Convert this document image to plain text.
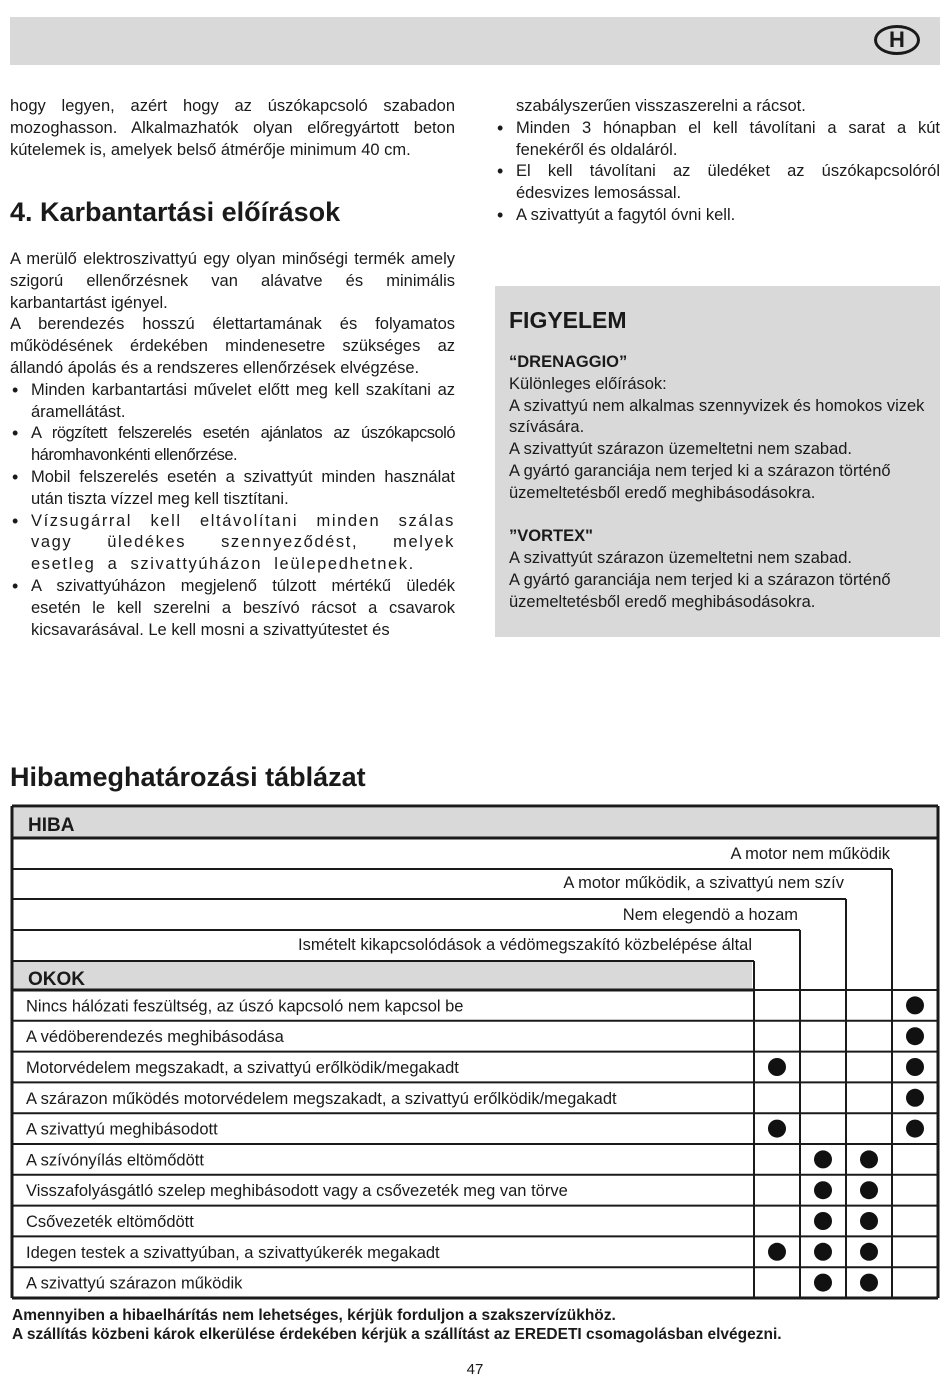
H

hogy legyen, azért hogy az úszókapcsoló szabadon mozoghasson. Alkalmazhatók olyan előregyártott beton kútelemek is, amelyek belső átmérője minimum 40 cm.

4. Karbantartási előírások

A merülő elektroszivattyú egy olyan minőségi termék amely szigorú ellenőrzésnek van alávatve és minimális karbantartást igényel.

A berendezés hosszú élettartamának és folyamatos működésének érdekében mindenesetre szükséges az állandó ápolás és a rendszeres ellenőrzések elvégzése.

• Minden karbantartási művelet előtt meg kell szakítani az áramellátást.
• A rögzített felszerelés esetén ajánlatos az úszókapcsoló háromhavonkénti ellenőrzése.
• Mobil felszerelés esetén a szivattyút minden használat után tiszta vízzel meg kell tisztítani.
• Vízsugárral kell eltávolítani minden szálas vagy üledékes szennyeződést, melyek esetleg a szivattyúházon leülepedhetnek.
• A szivattyúházon megjelenő túlzott mértékű üledék esetén le kell szerelni a beszívó rácsot a csavarok kicsavarásával. Le kell mosni a szivattyútestet és

szabályszerűen visszaszerelni a rácsot.

• Minden 3 hónapban el kell távolítani a sarat a kút fenekéről és oldaláról.
• El kell távolítani az üledéket az úszókapcsolóról édesvizes lemosással.
• A szivattyút a fagytól óvni kell.
FIGYELEM

“DRENAGGIO”

Különleges előírások:

A szivattyú nem alkalmas szennyvizek és homokos vizek szívására.

A szivattyút szárazon üzemeltetni nem szabad.

A gyártó garanciája nem terjed ki a szárazon történő üzemeltetésből eredő meghibásodásokra.

”VORTEX"

A szivattyút szárazon üzemeltetni nem szabad.

A gyártó garanciája nem terjed ki a szárazon történő üzemeltetésből eredő meghibásodásokra.

Hibameghatározási táblázat
HIBA
OKOK
A motor nem működik
A motor működik, a szivattyú nem szív
Nem elegendö a hozam
Ismételt kikapcsolódások a védömegszakító közbelépése által
Nincs hálózati feszültség, az úszó kapcsoló nem kapcsol be
A védöberendezés meghibásodása
Motorvédelem megszakadt, a szivattyú erőlködik/megakadt
A szárazon működés motorvédelem megszakadt, a szivattyú erőlködik/megakadt
A szivattyú meghibásodott
A szívónyílás eltömődött
Visszafolyásgátló szelep meghibásodott vagy a csővezeték meg van törve
Csővezeték eltömődött
Idegen testek a szivattyúban, a szivattyúkerék megakadt
A szivattyú szárazon működik
Amennyiben a hibaelhárítás nem lehetséges, kérjük forduljon a szakszervízükhöz.
A szállítás közbeni károk elkerülése érdekében kérjük a szállítást az EREDETI csomagolásban elvégezni.
47
